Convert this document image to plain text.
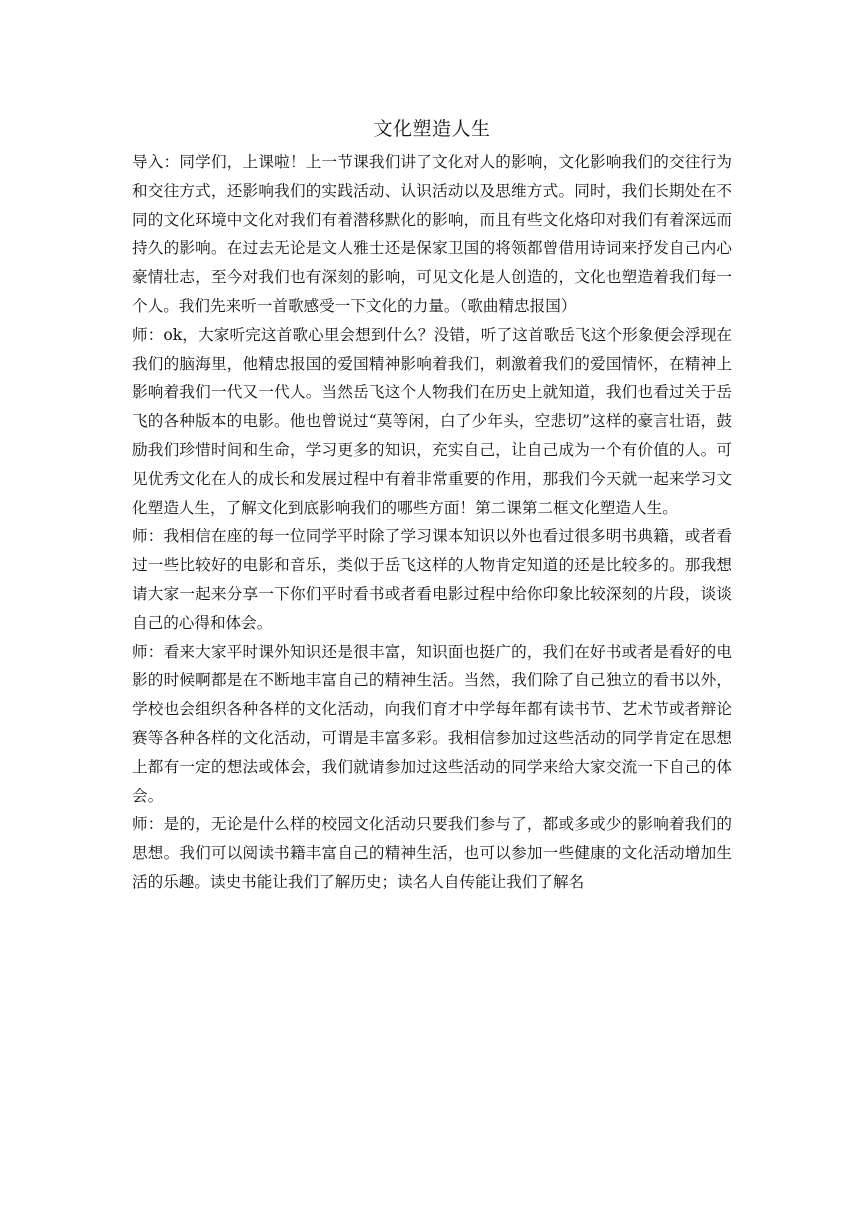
文化塑造人生

导入：同学们，上课啦！上一节课我们讲了文化对人的影响，文化影响我们的交往行为和交往方式，还影响我们的实践活动、认识活动以及思维方式。同时，我们长期处在不同的文化环境中文化对我们有着潜移默化的影响，而且有些文化烙印对我们有着深远而持久的影响。在过去无论是文人雅士还是保家卫国的将领都曾借用诗词来抒发自己内心豪情壮志，至今对我们也有深刻的影响，可见文化是人创造的，文化也塑造着我们每一个人。我们先来听一首歌感受一下文化的力量。（歌曲精忠报国）

师：ok，大家听完这首歌心里会想到什么？没错，听了这首歌岳飞这个形象便会浮现在我们的脑海里，他精忠报国的爱国精神影响着我们，刺激着我们的爱国情怀，在精神上影响着我们一代又一代人。当然岳飞这个人物我们在历史上就知道，我们也看过关于岳飞的各种版本的电影。他也曾说过“莫等闲，白了少年头，空悲切”这样的豪言壮语，鼓励我们珍惜时间和生命，学习更多的知识，充实自己，让自己成为一个有价值的人。可见优秀文化在人的成长和发展过程中有着非常重要的作用，那我们今天就一起来学习文化塑造人生，了解文化到底影响我们的哪些方面！第二课第二框文化塑造人生。

师：我相信在座的每一位同学平时除了学习课本知识以外也看过很多明书典籍，或者看过一些比较好的电影和音乐，类似于岳飞这样的人物肯定知道的还是比较多的。那我想请大家一起来分享一下你们平时看书或者看电影过程中给你印象比较深刻的片段，谈谈自己的心得和体会。

师：看来大家平时课外知识还是很丰富，知识面也挺广的，我们在好书或者是看好的电影的时候啊都是在不断地丰富自己的精神生活。当然，我们除了自己独立的看书以外，学校也会组织各种各样的文化活动，向我们育才中学每年都有读书节、艺术节或者辩论赛等各种各样的文化活动，可谓是丰富多彩。我相信参加过这些活动的同学肯定在思想上都有一定的想法或体会，我们就请参加过这些活动的同学来给大家交流一下自己的体会。

师：是的，无论是什么样的校园文化活动只要我们参与了，都或多或少的影响着我们的思想。我们可以阅读书籍丰富自己的精神生活，也可以参加一些健康的文化活动增加生活的乐趣。读史书能让我们了解历史；读名人自传能让我们了解名
